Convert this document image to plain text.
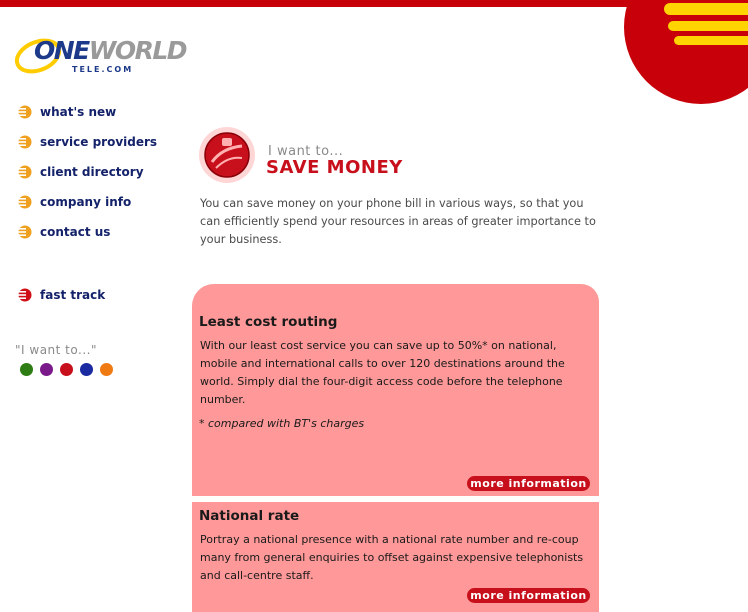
ONEWORLD
TELE.COM
what's new
service providers
client directory
company info
contact us
fast track
"I want to..."
I want to...
SAVE MONEY
You can save money on your phone bill in various ways, so that you can efficiently spend your resources in areas of greater importance to your business.
Least cost routing
With our least cost service you can save up to 50%* on national, mobile and international calls to over 120 destinations around the world. Simply dial the four-digit access code before the telephone number.
* compared with BT's charges
more information
National rate
Portray a national presence with a national rate number and re-coup many from general enquiries to offset against expensive telephonists and call-centre staff.
more information
